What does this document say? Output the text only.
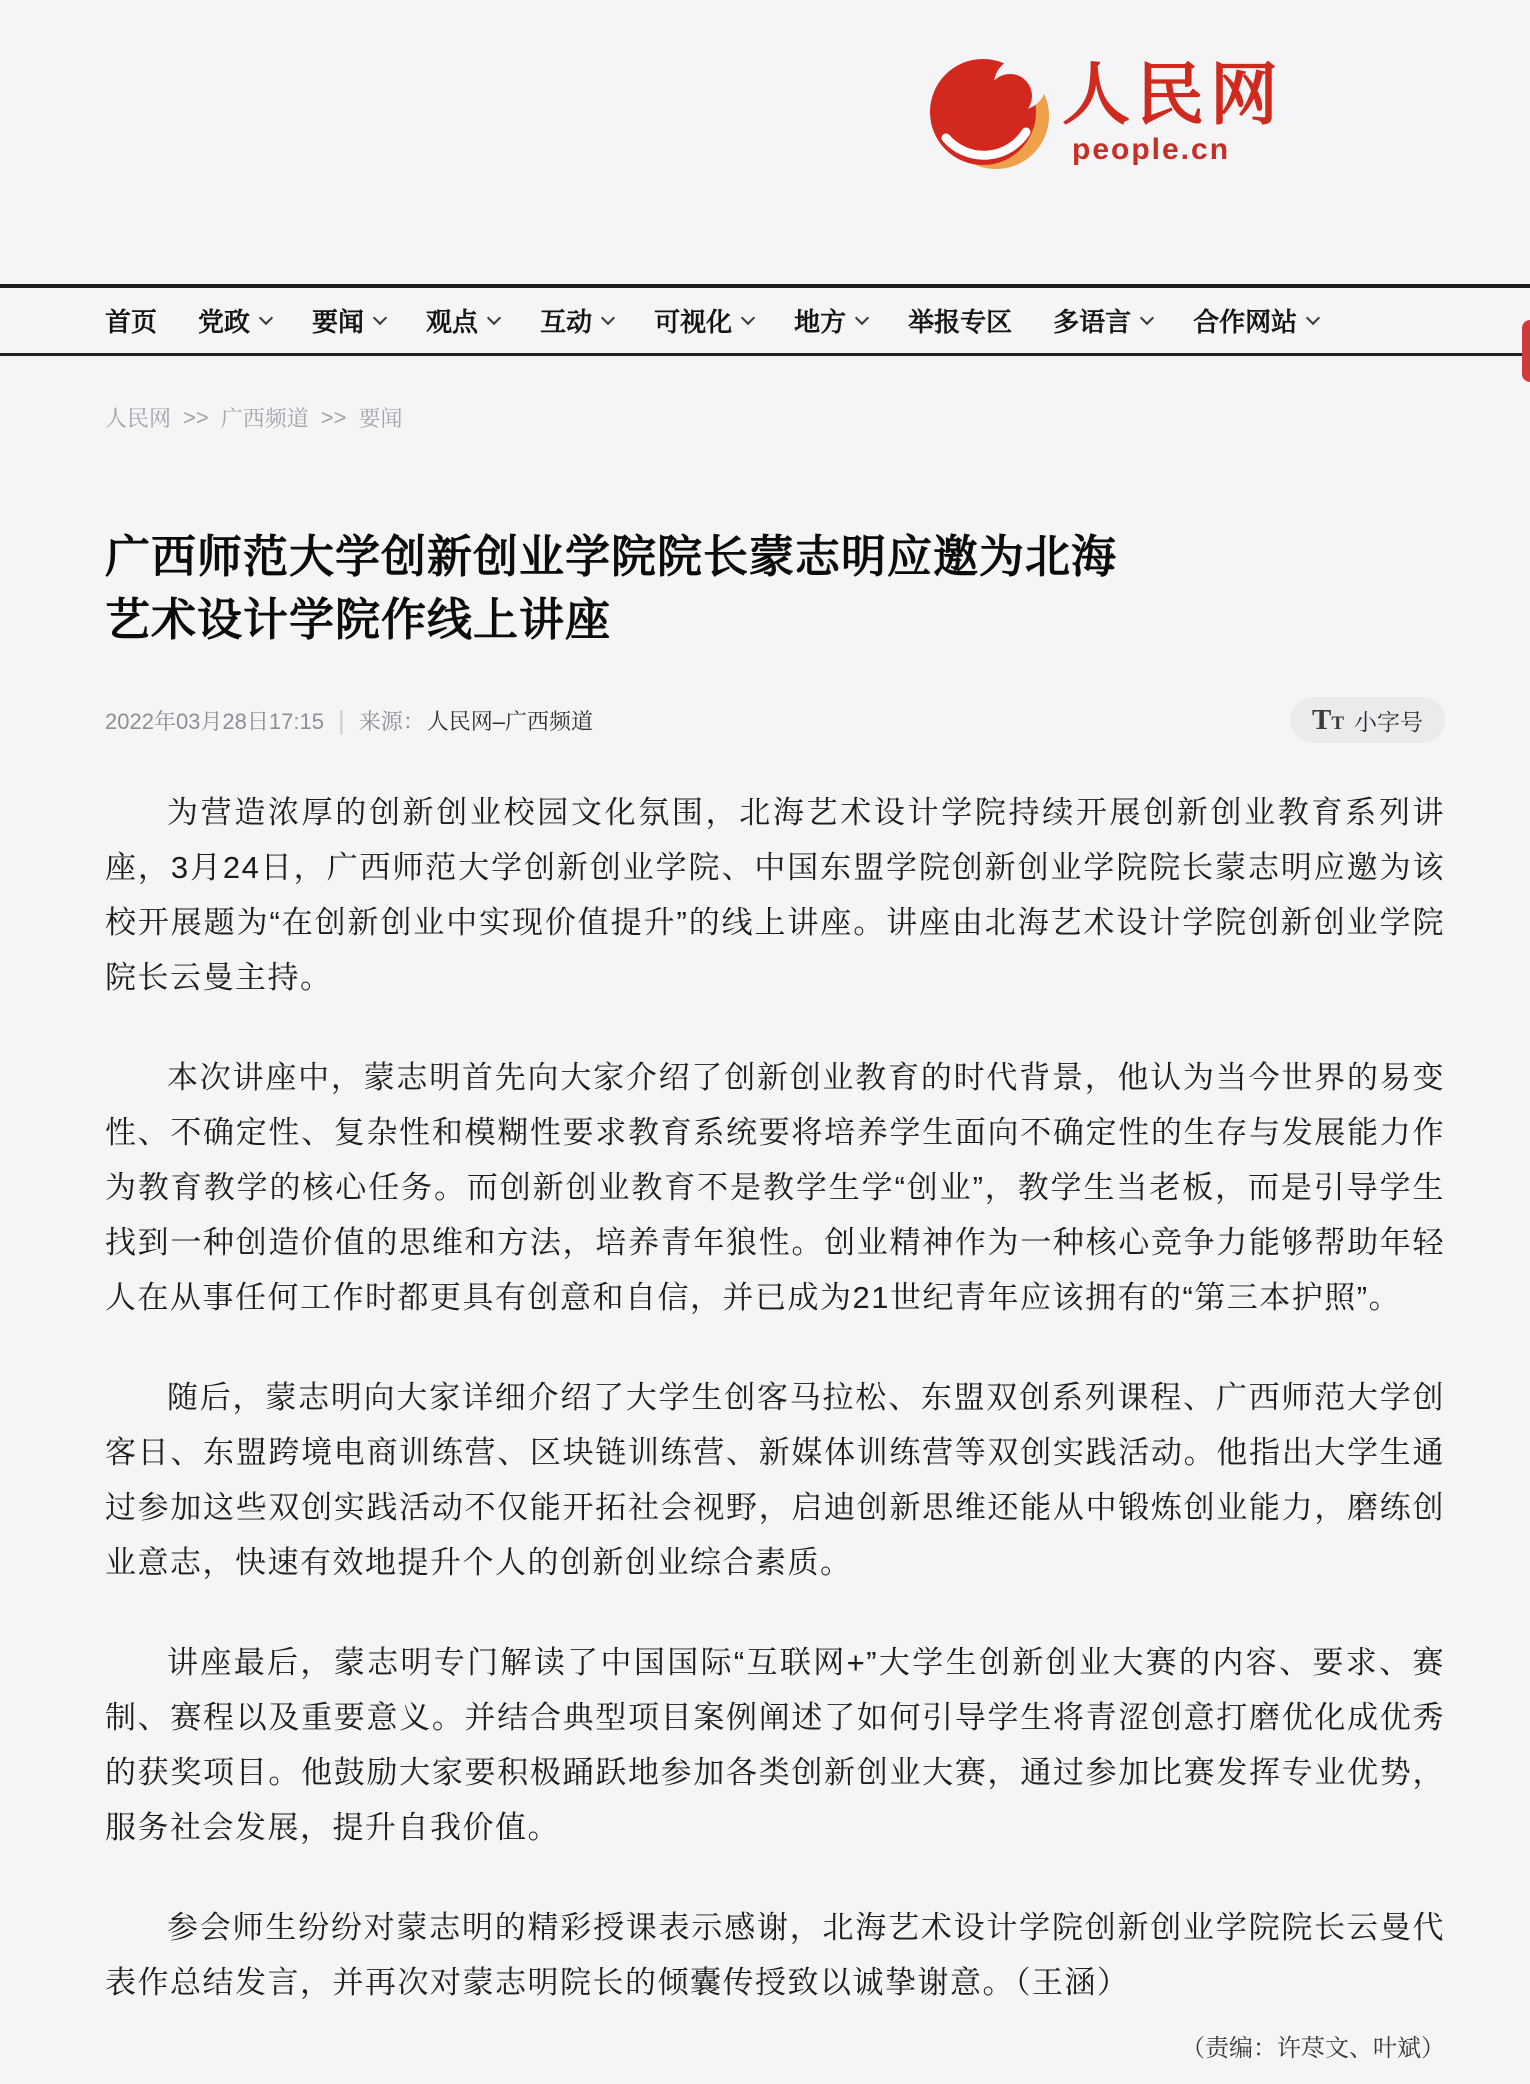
人民网
people.cn
首页 党政 要闻 观点 互动 可视化 地方 举报专区 多语言 合作网站
人民网 >> 广西频道 >> 要闻
广西师范大学创新创业学院院长蒙志明应邀为北海艺术设计学院作线上讲座
2022年03月28日17:15 | 来源： 人民网–广西频道	TT 小字号

为营造浓厚的创新创业校园文化氛围，北海艺术设计学院持续开展创新创业教育系列讲座，3月24日，广西师范大学创新创业学院、中国东盟学院创新创业学院院长蒙志明应邀为该校开展题为“在创新创业中实现价值提升”的线上讲座。讲座由北海艺术设计学院创新创业学院院长云曼主持。

本次讲座中，蒙志明首先向大家介绍了创新创业教育的时代背景，他认为当今世界的易变性、不确定性、复杂性和模糊性要求教育系统要将培养学生面向不确定性的生存与发展能力作为教育教学的核心任务。而创新创业教育不是教学生学“创业”，教学生当老板，而是引导学生找到一种创造价值的思维和方法，培养青年狼性。创业精神作为一种核心竞争力能够帮助年轻人在从事任何工作时都更具有创意和自信，并已成为21世纪青年应该拥有的“第三本护照”。

随后，蒙志明向大家详细介绍了大学生创客马拉松、东盟双创系列课程、广西师范大学创客日、东盟跨境电商训练营、区块链训练营、新媒体训练营等双创实践活动。他指出大学生通过参加这些双创实践活动不仅能开拓社会视野，启迪创新思维还能从中锻炼创业能力，磨练创业意志，快速有效地提升个人的创新创业综合素质。

讲座最后，蒙志明专门解读了中国国际“互联网+”大学生创新创业大赛的内容、要求、赛制、赛程以及重要意义。并结合典型项目案例阐述了如何引导学生将青涩创意打磨优化成优秀的获奖项目。他鼓励大家要积极踊跃地参加各类创新创业大赛，通过参加比赛发挥专业优势，服务社会发展，提升自我价值。

参会师生纷纷对蒙志明的精彩授课表示感谢，北海艺术设计学院创新创业学院院长云曼代表作总结发言，并再次对蒙志明院长的倾囊传授致以诚挚谢意。（王涵）

（责编：许荩文、叶斌）
